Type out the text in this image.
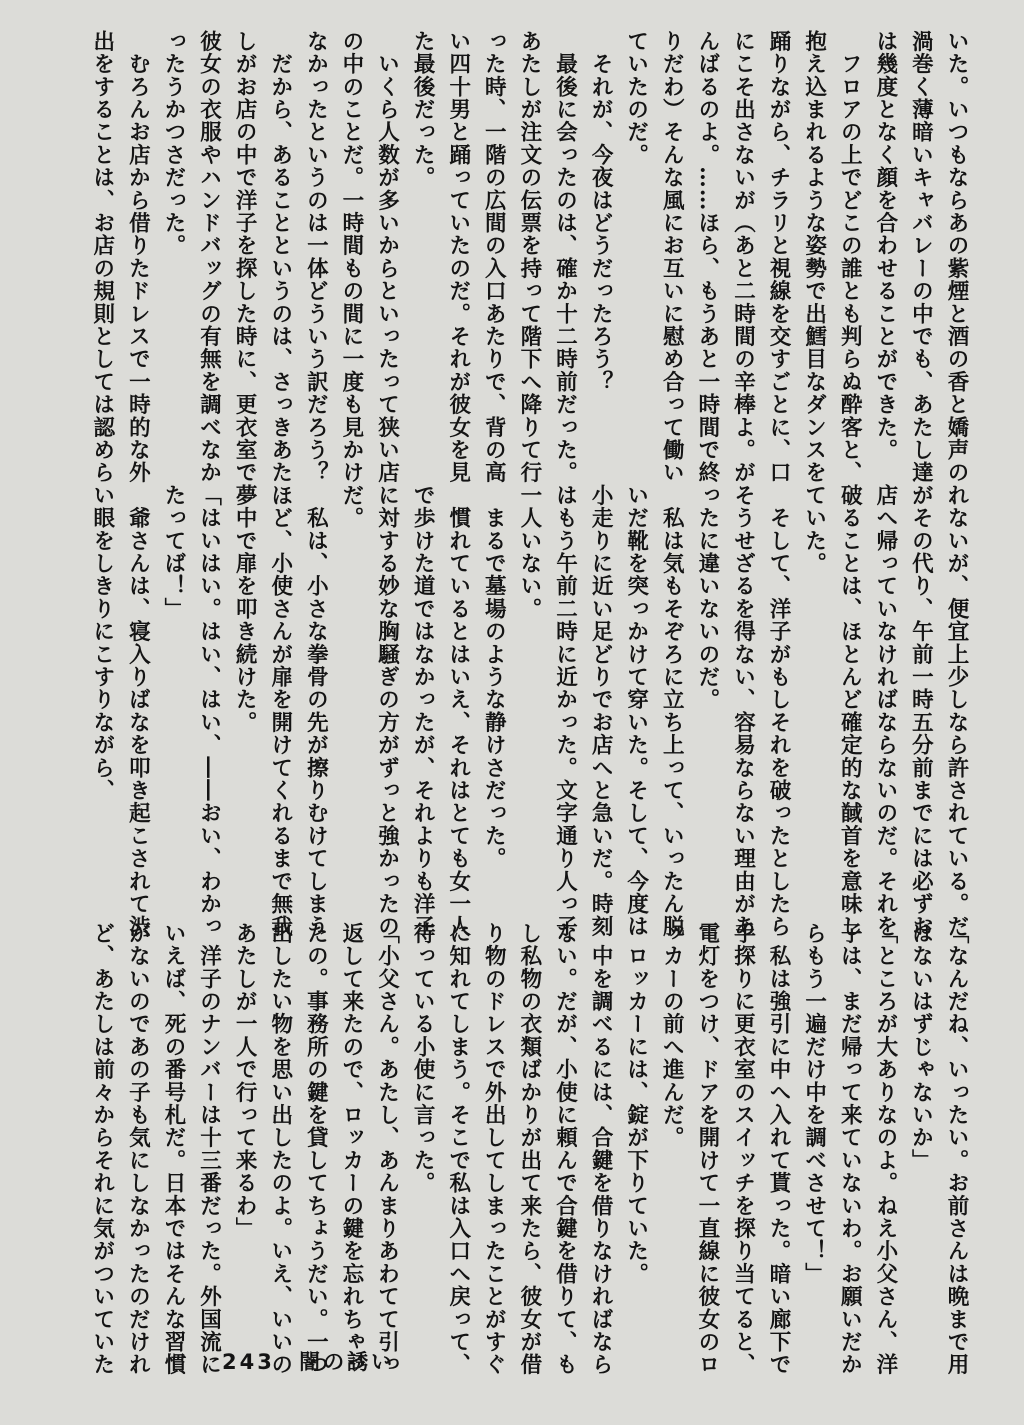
いた。いつもならあの紫煙と酒の香と嬌声の
渦巻く薄暗いキャバレーの中でも、あたし達
は幾度となく顔を合わせることができた。
　フロアの上でどこの誰とも判らぬ酔客と、
抱え込まれるような姿勢で出鱈目なダンスを
踊りながら、チラリと視線を交すごとに、口
にこそ出さないが（あと二時間の辛棒よ。が
んばるのよ。……ほら、もうあと一時間で終
りだわ）そんな風にお互いに慰め合って働い
ていたのだ。
　それが、今夜はどうだったろう？
　最後に会ったのは、確か十二時前だった。
あたしが注文の伝票を持って階下へ降りて行
った時、一階の広間の入口あたりで、背の高
い四十男と踊っていたのだ。それが彼女を見
た最後だった。
　いくら人数が多いからといったって狭い店
の中のことだ。一時間もの間に一度も見かけ
なかったというのは一体どういう訳だろう？
　だから、あることというのは、さっきあた
しがお店の中で洋子を探した時に、更衣室で
彼女の衣服やハンドバッグの有無を調べなか
ったうかつさだった。
　むろんお店から借りたドレスで一時的な外
出をすることは、お店の規則としては認めら
れないが、便宜上少しなら許されている。だ
がその代り、午前一時五分前までには必ずお
店へ帰っていなければならないのだ。それを
破ることは、ほとんど確定的な馘首を意味し
ていた。
　そして、洋子がもしそれを破ったとしたら
そうせざるを得ない、容易ならない理由があ
ったに違いないのだ。
　私は気もそぞろに立ち上って、いったん脱
いだ靴を突っかけて穿いた。そして、今度は
小走りに近い足どりでお店へと急いだ。時刻
はもう午前二時に近かった。文字通り人っ子
一人いない。
　まるで墓場のような静けさだった。
　慣れているとはいえ、それはとても女一人
で歩けた道ではなかったが、それよりも洋子
に対する妙な胸騒ぎの方がずっと強かったの
だ。
　私は、小さな拳骨の先が擦りむけてしまう
ほど、小使さんが扉を開けてくれるまで無我
夢中で扉を叩き続けた。
「はいはい。はい、はい、――おい、わかっ
たってば！」
　爺さんは、寝入りばなを叩き起こされて渋
い眼をしきりにこすりながら、
「なんだね、いったい。お前さんは晩まで用
はないはずじゃないか」
「ところが大ありなのよ。ねえ小父さん、洋
子は、まだ帰って来ていないわ。お願いだか
らもう一遍だけ中を調べさせて！」
　私は強引に中へ入れて貰った。暗い廊下で
手探りに更衣室のスイッチを探り当てると、
電灯をつけ、ドアを開けて一直線に彼女のロ
ッカーの前へ進んだ。
　ロッカーには、錠が下りていた。
　中を調べるには、合鍵を借りなければなら
ない。だが、小使に頼んで合鍵を借りて、も
し私物の衣類ばかりが出て来たら、彼女が借
り物のドレスで外出してしまったことがすぐ
に知れてしまう。そこで私は入口へ戻って、
待っている小使に言った。
「小父さん。あたし、あんまりあわてて引っ
返して来たので、ロッカーの鍵を忘れちゃっ
たの。事務所の鍵を貸してちょうだい。一つ
出したい物を思い出したのよ。いえ、いいの
あたしが一人で行って来るわ」
　洋子のナンバーは十三番だった。外国流に
いえば、死の番号札だ。日本ではそんな習慣
がないのであの子も気にしなかったのだけれ
ど、あたしは前々からそれに気がついていた	243 闇の誘い
